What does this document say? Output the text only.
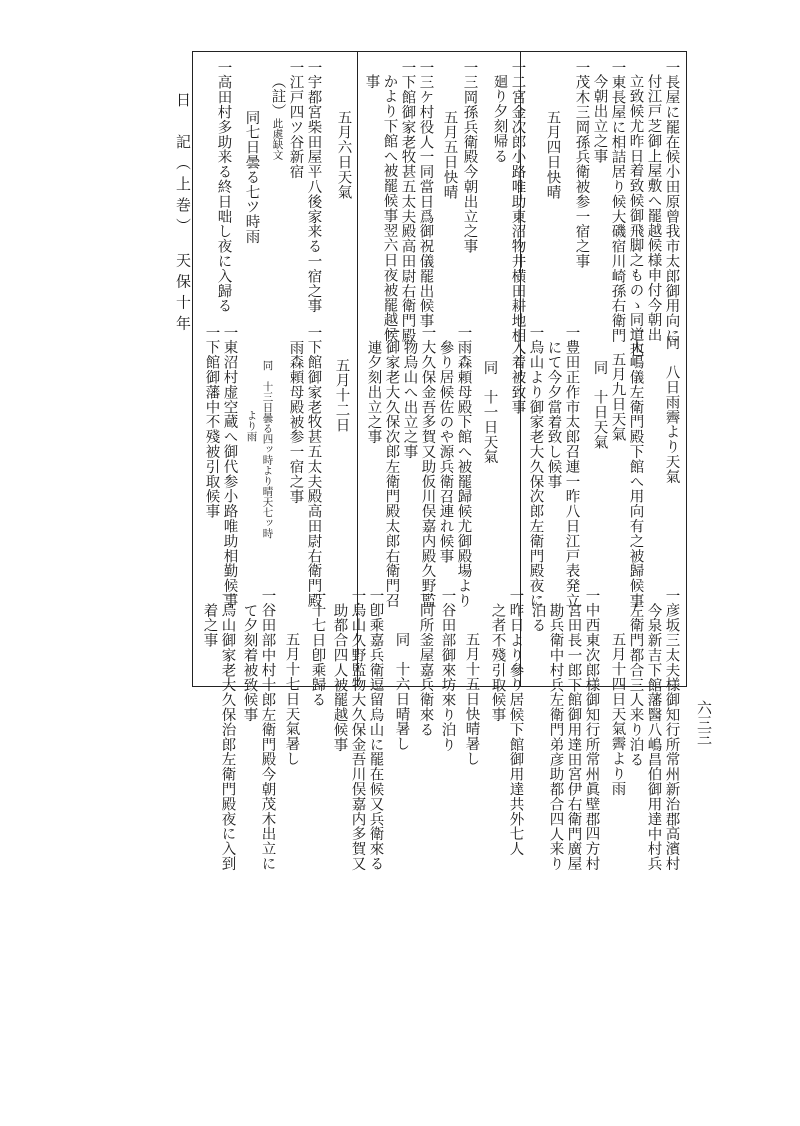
日　記（上巻）　天保十年
六三三
一長屋に罷在候小田原曾我市太郎御用向に
付江戸芝御上屋敷へ罷越候様申付今朝出
立致候尤昨日着致候御飛脚之ものゝ同道也
一東長屋に相詰居り候大磯宿川崎孫右衛門
今朝出立之事
一茂木三岡孫兵衛被参一宿之事
五月四日快晴
一二宮金次郎小路唯助東沼物井横田耕地相
廻り夕刻帰る
一三岡孫兵衛殿今朝出立之事
五月五日快晴
一三ケ村役人一同當日爲御祝儀罷出候事
一下館御家老牧甚五太夫殿高田尉右衛門殿
かより下館へ被罷候事翌六日夜被罷越候
事
五月六日天氣
一宇都宮柴田屋平八後家来る一宿之事
一江戸四ツ谷新宿
（註）
此處缺文
同七日曇る七ツ時雨
一高田村多助来る終日咄し夜に入歸る
同　八日雨霽より天氣
一大嶋儀左衛門殿下館へ用向有之被歸候事
五月九日天氣
同　十日天氣
一豊田正作市太郎召連一昨八日江戸表発立
にて今夕當着致し候事
一烏山より御家老大久保次郎左衛門殿夜に
入着被致事
同　十一日天氣
一雨森頼母殿下館へ被罷歸候尤御殿場より
參り居候佐のや源兵衛召連れ候事
一大久保金吾多賀又助仮川俣嘉内殿久野監
物烏山へ出立之事
一御家老大久保次郎左衛門殿太郎右衛門召
連夕刻出立之事
五月十二日
一下館御家老牧甚五太夫殿高田尉右衛門殿
雨森頼母殿被参一宿之事
同　十三日曇る四ッ時より晴天七ッ時
より雨
一東沼村虚空蔵へ御代参小路唯助相勤候事
一下館御藩中不殘被引取候事
一彦坂三太夫様御知行所常州新治郡高濱村
今泉新吉下館藩醫八嶋昌伯御用達中村兵
左衛門都合三人来り泊る
五月十四日天氣霽より雨
一中西東次郎様御知行所常州眞壁郡四方村
宮田長一郎下館御用達田宮伊右衛門廣屋
勘兵衛中村兵左衛門弟彦助都合四人来り
泊る
一昨日より參り居候下館御用達共外七人
之者不殘引取候事
五月十五日快晴暑し
一谷田部御來坊來り泊り
一同所釜屋嘉兵衛來る
同　十六日晴暑し
一卽乘嘉兵衛逗留烏山に罷在候又兵衛來る
一烏山久野監物大久保金吾川俣嘉内多賀又
助都合四人被罷越候事
一十七日卽乘歸る
五月十七日天氣暑し
一谷田部中村十郎左衛門殿今朝茂木出立に
て夕刻着被致候事
一烏山御家老大久保治郎左衛門殿夜に入到
着之事
